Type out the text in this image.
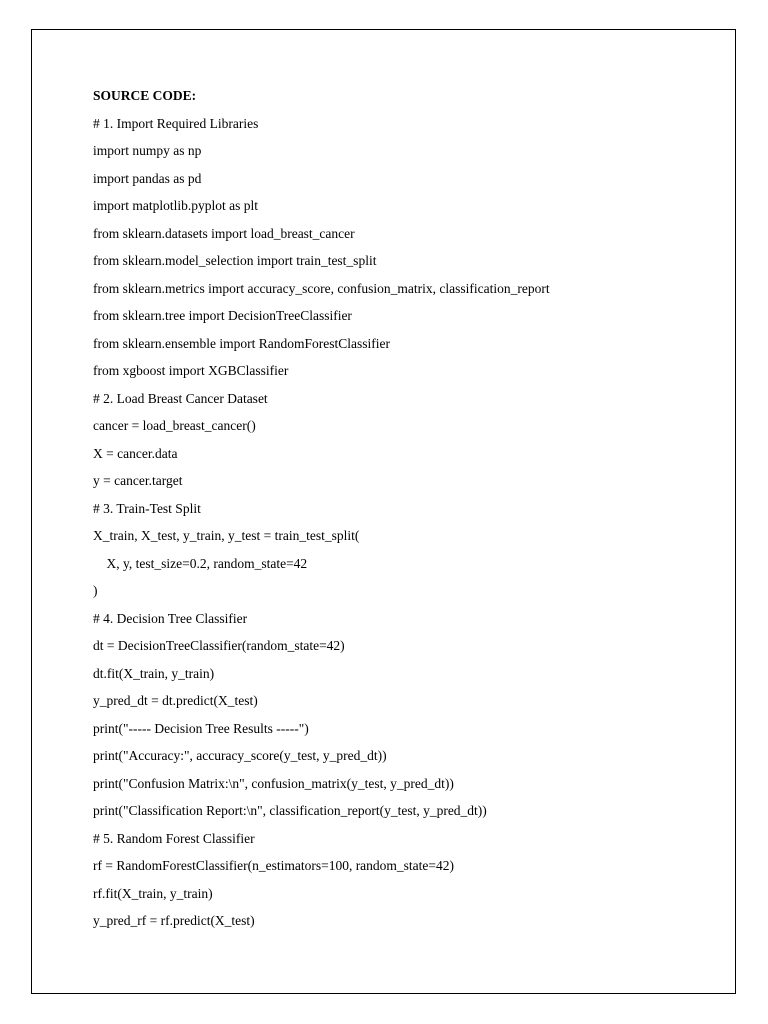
SOURCE CODE:
# 1. Import Required Libraries
import numpy as np
import pandas as pd
import matplotlib.pyplot as plt
from sklearn.datasets import load_breast_cancer
from sklearn.model_selection import train_test_split
from sklearn.metrics import accuracy_score, confusion_matrix, classification_report
from sklearn.tree import DecisionTreeClassifier
from sklearn.ensemble import RandomForestClassifier
from xgboost import XGBClassifier
# 2. Load Breast Cancer Dataset
cancer = load_breast_cancer()
X = cancer.data
y = cancer.target
# 3. Train-Test Split
X_train, X_test, y_train, y_test = train_test_split(
X, y, test_size=0.2, random_state=42
)
# 4. Decision Tree Classifier
dt = DecisionTreeClassifier(random_state=42)
dt.fit(X_train, y_train)
y_pred_dt = dt.predict(X_test)
print("----- Decision Tree Results -----")
print("Accuracy:", accuracy_score(y_test, y_pred_dt))
print("Confusion Matrix:\n", confusion_matrix(y_test, y_pred_dt))
print("Classification Report:\n", classification_report(y_test, y_pred_dt))
# 5. Random Forest Classifier
rf = RandomForestClassifier(n_estimators=100, random_state=42)
rf.fit(X_train, y_train)
y_pred_rf = rf.predict(X_test)
